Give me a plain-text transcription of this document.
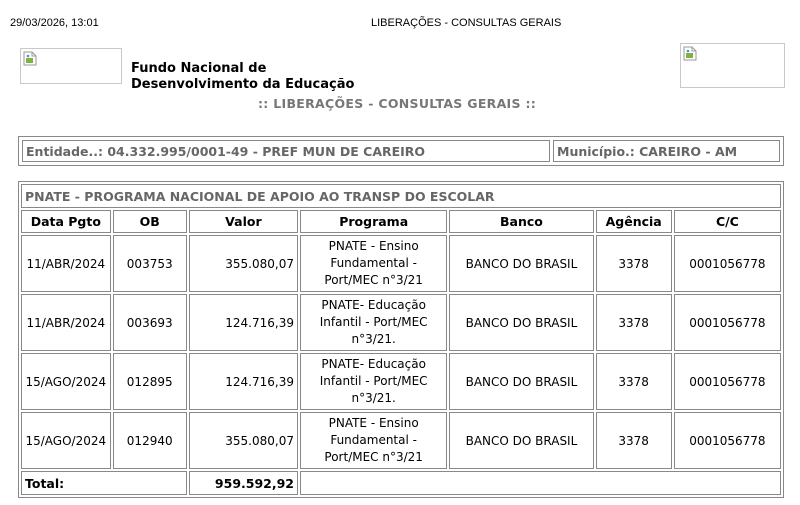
29/03/2026, 13:01	LIBERAÇÕES - CONSULTAS GERAIS
Fundo Nacional de
Desenvolvimento da Educação
:: LIBERAÇÕES - CONSULTAS GERAIS ::
Entidade..: 04.332.995/0001-49 - PREF MUN DE CAREIRO	Município.: CAREIRO - AM
PNATE - PROGRAMA NACIONAL DE APOIO AO TRANSP DO ESCOLAR						
Data Pgto	OB	Valor	Programa	Banco	Agência	C/C
11/ABR/2024	003753	355.080,07	PNATE - Ensino Fundamental - Port/MEC n°3/21	BANCO DO BRASIL	3378	0001056778
11/ABR/2024	003693	124.716,39	PNATE- Educação Infantil - Port/MEC n°3/21.	BANCO DO BRASIL	3378	0001056778
15/AGO/2024	012895	124.716,39	PNATE- Educação Infantil - Port/MEC n°3/21.	BANCO DO BRASIL	3378	0001056778
15/AGO/2024	012940	355.080,07	PNATE - Ensino Fundamental - Port/MEC n°3/21	BANCO DO BRASIL	3378	0001056778
Total:		959.592,92				
